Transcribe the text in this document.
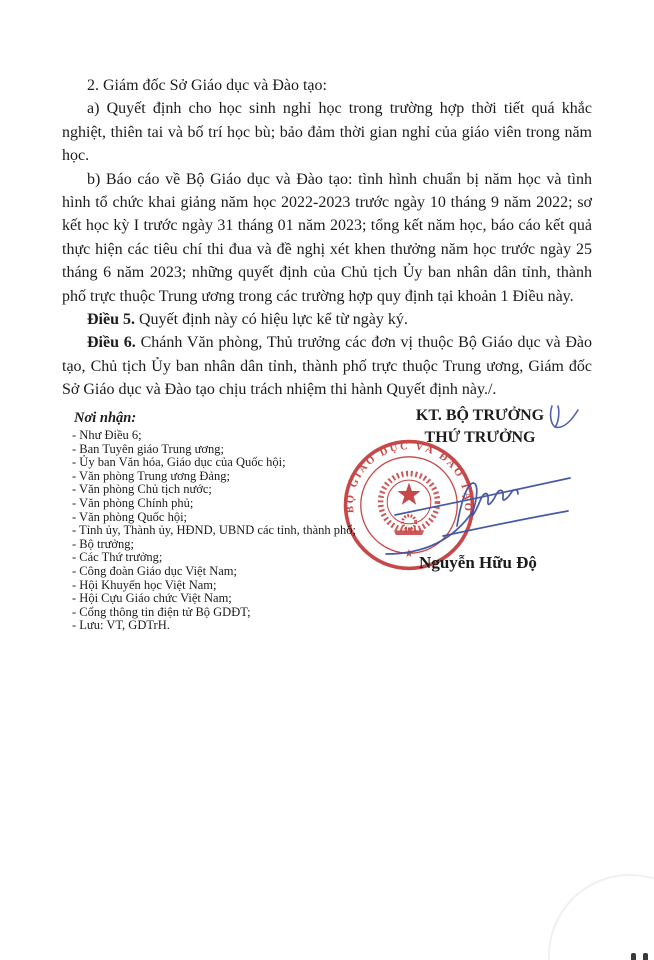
2. Giám đốc Sở Giáo dục và Đào tạo:

a) Quyết định cho học sinh nghỉ học trong trường hợp thời tiết quá khắc nghiệt, thiên tai và bố trí học bù; bảo đảm thời gian nghỉ của giáo viên trong năm học.

b) Báo cáo về Bộ Giáo dục và Đào tạo: tình hình chuẩn bị năm học và tình hình tổ chức khai giảng năm học 2022-2023 trước ngày 10 tháng 9 năm 2022; sơ kết học kỳ I trước ngày 31 tháng 01 năm 2023; tổng kết năm học, báo cáo kết quả thực hiện các tiêu chí thi đua và đề nghị xét khen thưởng năm học trước ngày 25 tháng 6 năm 2023; những quyết định của Chủ tịch Ủy ban nhân dân tỉnh, thành phố trực thuộc Trung ương trong các trường hợp quy định tại khoản 1 Điều này.

Điều 5. Quyết định này có hiệu lực kể từ ngày ký.

Điều 6. Chánh Văn phòng, Thủ trưởng các đơn vị thuộc Bộ Giáo dục và Đào tạo, Chủ tịch Ủy ban nhân dân tỉnh, thành phố trực thuộc Trung ương, Giám đốc Sở Giáo dục và Đào tạo chịu trách nhiệm thi hành Quyết định này./.

Nơi nhận:
- Như Điều 6;
- Ban Tuyên giáo Trung ương;
- Ủy ban Văn hóa, Giáo dục của Quốc hội;
- Văn phòng Trung ương Đảng;
- Văn phòng Chủ tịch nước;
- Văn phòng Chính phủ;
- Văn phòng Quốc hội;
- Tỉnh ủy, Thành ủy, HĐND, UBND các tỉnh, thành phố;
- Bộ trưởng;
- Các Thứ trưởng;
- Công đoàn Giáo dục Việt Nam;
- Hội Khuyến học Việt Nam;
- Hội Cựu Giáo chức Việt Nam;
- Cổng thông tin điện tử Bộ GDĐT;
- Lưu: VT, GDTrH.
KT. BỘ TRƯỞNG
THỨ TRƯỞNG
BỘ GIÁO DỤC VÀ ĐÀO TẠO
★ Nguyễn Hữu Độ
